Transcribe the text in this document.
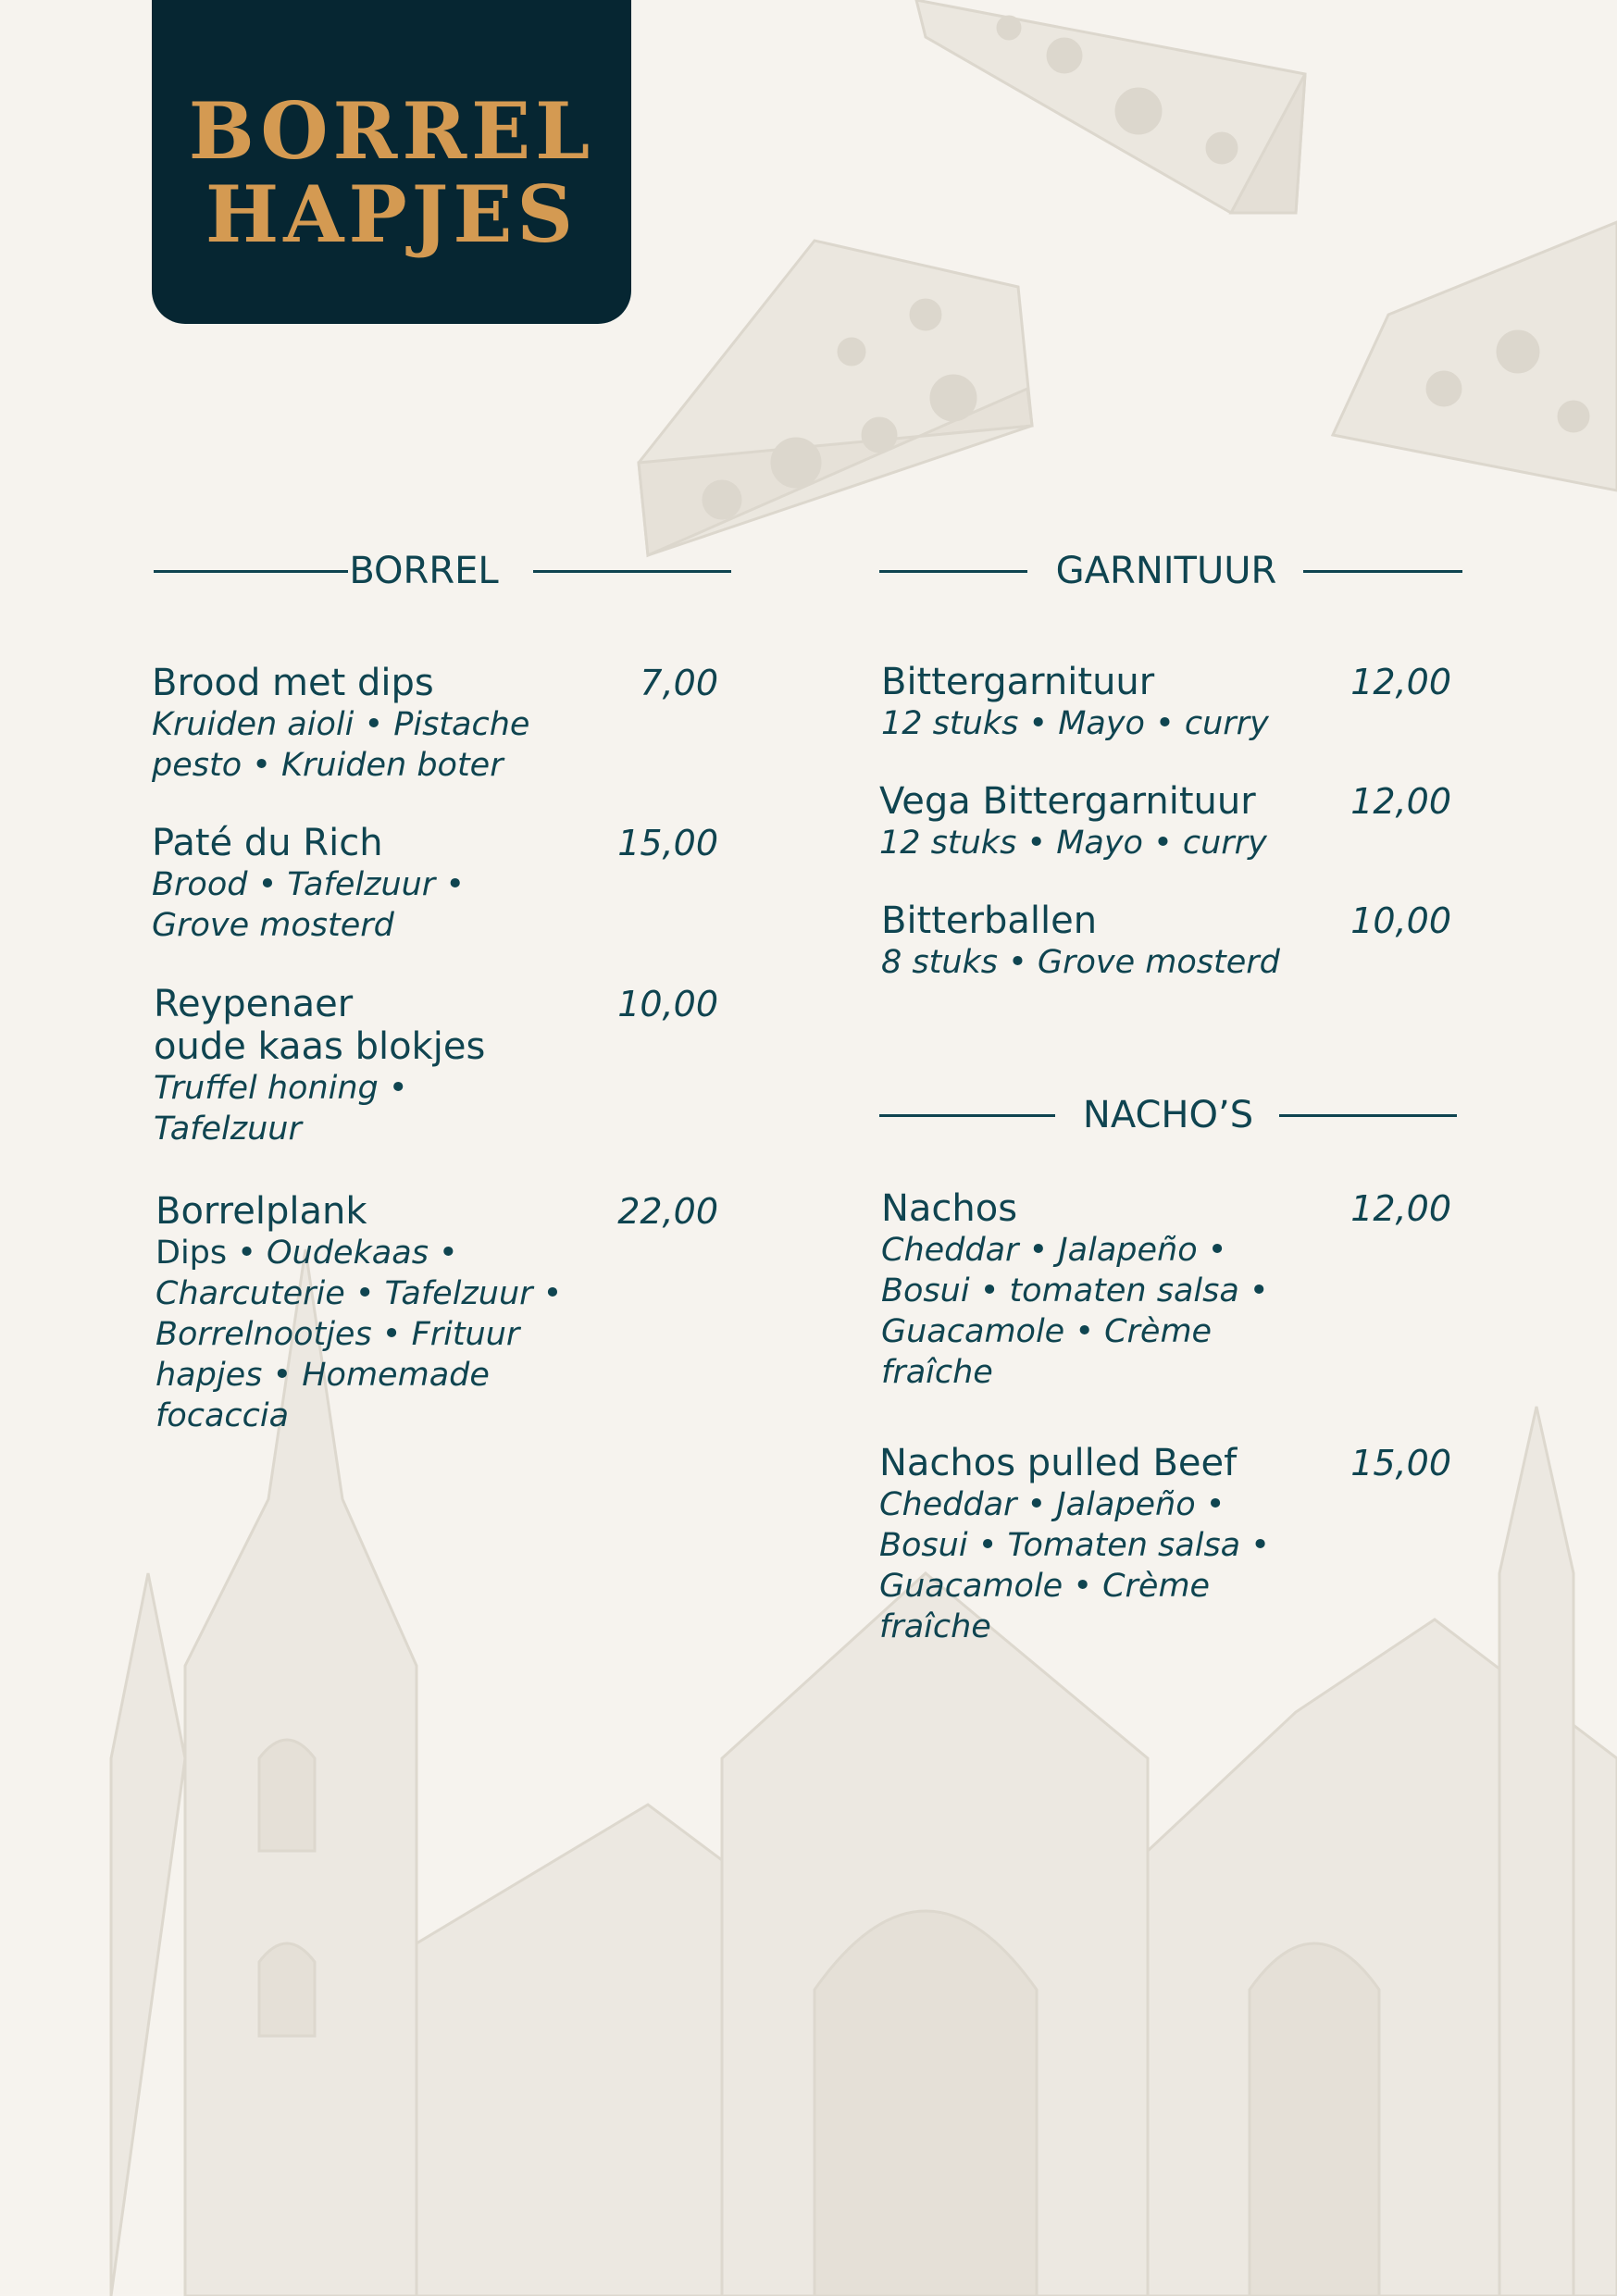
BORREL
HAPJES
BORREL	GARNITUUR
NACHO’S
Brood met dips
Kruiden aioli • Pistache
pesto • Kruiden boter
7,00
Paté du Rich
Brood • Tafelzuur •
Grove mosterd
15,00
Reypenaer
oude kaas blokjes
Truffel honing •
Tafelzuur
10,00
Borrelplank
Dips • Oudekaas •
Charcuterie • Tafelzuur •
Borrelnootjes • Frituur
hapjes • Homemade
focaccia
22,00
Bittergarnituur
12 stuks • Mayo • curry
12,00
Vega Bittergarnituur
12 stuks • Mayo • curry
12,00
Bitterballen
8 stuks • Grove mosterd
10,00
Nachos
Cheddar • Jalapeño •
Bosui • tomaten salsa •
Guacamole • Crème
fraîche
12,00
Nachos pulled Beef
Cheddar • Jalapeño •
Bosui • Tomaten salsa •
Guacamole • Crème
fraîche
15,00
